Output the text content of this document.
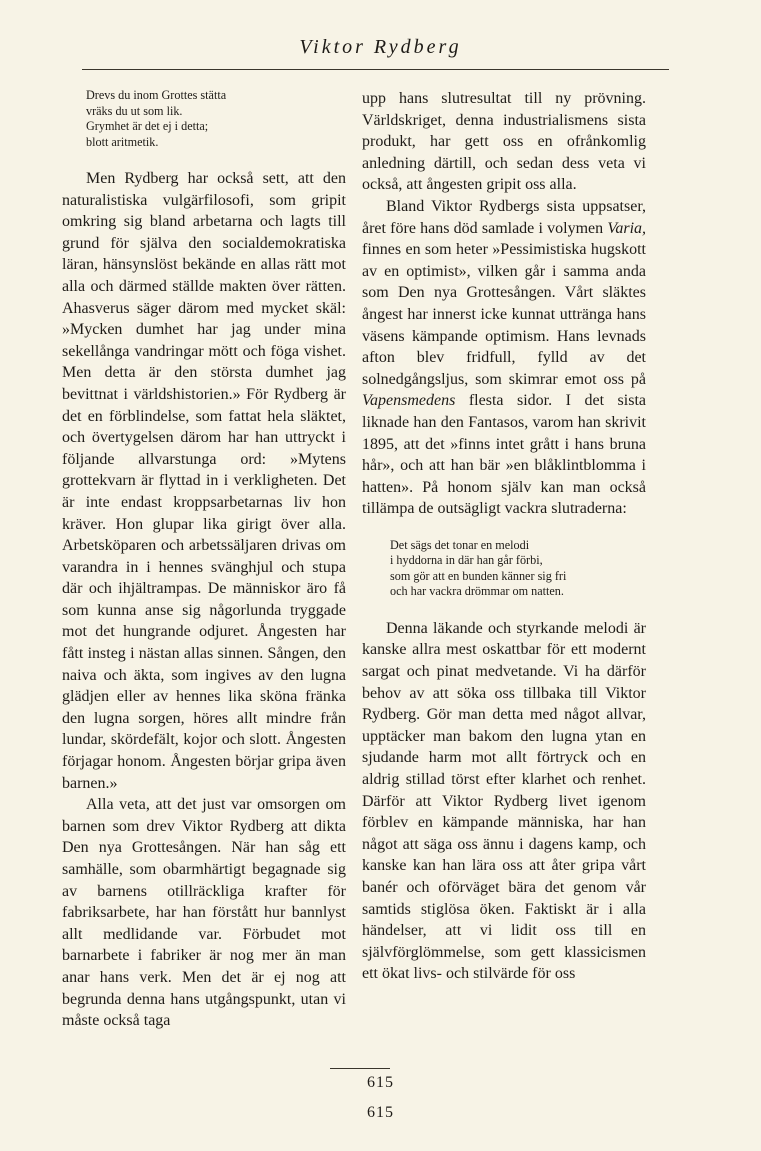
Viktor Rydberg
Drevs du inom Grottes stätta
vräks du ut som lik.
Grymhet är det ej i detta;
blott aritmetik.

Men Rydberg har också sett, att den naturalistiska vulgärfilosofi, som gripit omkring sig bland arbetarna och lagts till grund för själva den socialdemokratiska läran, hänsynslöst bekände en allas rätt mot alla och därmed ställde makten över rätten. Ahasverus säger därom med mycket skäl: »Mycken dumhet har jag under mina sekellånga vandringar mött och föga vishet. Men detta är den största dumhet jag bevittnat i världshistorien.» För Rydberg är det en förblindelse, som fattat hela släktet, och övertygelsen därom har han uttryckt i följande allvarstunga ord: »Mytens grottekvarn är flyttad in i verkligheten. Det är inte endast kroppsarbetarnas liv hon kräver. Hon glupar lika girigt över alla. Arbetsköparen och arbetssäljaren drivas om varandra in i hennes svänghjul och stupa där och ihjältrampas. De människor äro få som kunna anse sig någorlunda tryggade mot det hungrande odjuret. Ångesten har fått insteg i nästan allas sinnen. Sången, den naiva och äkta, som ingives av den lugna glädjen eller av hennes lika sköna fränka den lugna sorgen, höres allt mindre från lundar, skördefält, kojor och slott. Ångesten förjagar honom. Ångesten börjar gripa även barnen.»

Alla veta, att det just var omsorgen om barnen som drev Viktor Rydberg att dikta Den nya Grottesången. När han såg ett samhälle, som obarmhärtigt begagnade sig av barnens otillräckliga krafter för fabriksarbete, har han förstått hur bannlyst allt medlidande var. Förbudet mot barnarbete i fabriker är nog mer än man anar hans verk. Men det är ej nog att begrunda denna hans utgångspunkt, utan vi måste också taga

upp hans slutresultat till ny prövning. Världskriget, denna industrialismens sista produkt, har gett oss en ofrånkomlig anledning därtill, och sedan dess veta vi också, att ångesten gripit oss alla.

Bland Viktor Rydbergs sista uppsatser, året före hans död samlade i volymen Varia, finnes en som heter »Pessimistiska hugskott av en optimist», vilken går i samma anda som Den nya Grottesången. Vårt släktes ångest har innerst icke kunnat uttränga hans väsens kämpande optimism. Hans levnads afton blev fridfull, fylld av det solnedgångsljus, som skimrar emot oss på Vapensmedens flesta sidor. I det sista liknade han den Fantasos, varom han skrivit 1895, att det »finns intet grått i hans bruna hår», och att han bär »en blåklintblomma i hatten». På honom själv kan man också tillämpa de outsägligt vackra slutraderna:

Det sägs det tonar en melodi
i hyddorna in där han går förbi,
som gör att en bunden känner sig fri
och har vackra drömmar om natten.

Denna läkande och styrkande melodi är kanske allra mest oskattbar för ett modernt sargat och pinat medvetande. Vi ha därför behov av att söka oss tillbaka till Viktor Rydberg. Gör man detta med något allvar, upptäcker man bakom den lugna ytan en sjudande harm mot allt förtryck och en aldrig stillad törst efter klarhet och renhet. Därför att Viktor Rydberg livet igenom förblev en kämpande människa, har han något att säga oss ännu i dagens kamp, och kanske kan han lära oss att åter gripa vårt banér och oförväget bära det genom vår samtids stiglösa öken. Faktiskt är i alla händelser, att vi lidit oss till en självförglömmelse, som gett klassicismen ett ökat livs- och stilvärde för oss

615
615
